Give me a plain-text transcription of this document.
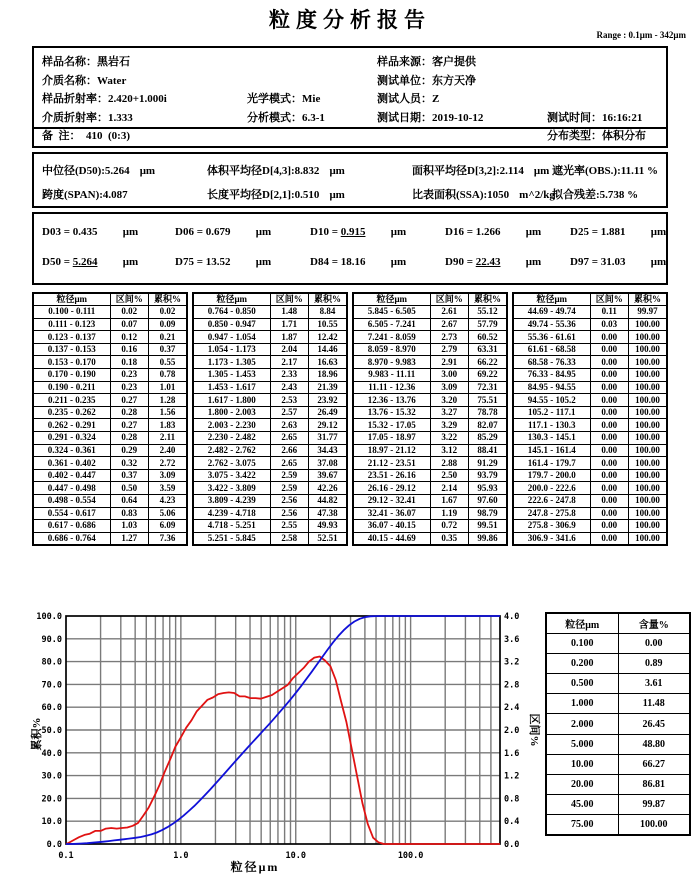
粒度分析报告
Range : 0.1μm - 342μm
样品名称：黑岩石
介质名称：Water
样品折射率：2.420+1.000i	光学模式：Mie
介质折射率：1.333	分析模式：6.3-1
备  注：  410  (0:3)
样品来源：客户提供
测试单位：东方天净
测试人员：Z
测试日期：2019-10-12	测试时间：16:16:21
分布类型：体积分布
中位径(D50):5.264 μm	体积平均径D[4,3]:8.832 μm	面积平均径D[3,2]:2.114 μm 遮光率(OBS.):11.11 %
跨度(SPAN):4.087	长度平均径D[2,1]:0.510 μm	比表面积(SSA):1050 m^2/kg
拟合残差:5.738 %
D03 = 0.435 μm	D06 = 0.679 μm	D10 = 0.915 μm	D16 = 1.266 μm	D25 = 1.881 μm
D50 = 5.264 μm	D75 = 13.52 μm	D84 = 18.16 μm	D90 = 22.43 μm	D97 = 31.03 μm
粒径μm	区间%	累积%
0.100 - 0.111	0.02	0.02
0.111 - 0.123	0.07	0.09
0.123 - 0.137	0.12	0.21
0.137 - 0.153	0.16	0.37
0.153 - 0.170	0.18	0.55
0.170 - 0.190	0.23	0.78
0.190 - 0.211	0.23	1.01
0.211 - 0.235	0.27	1.28
0.235 - 0.262	0.28	1.56
0.262 - 0.291	0.27	1.83
0.291 - 0.324	0.28	2.11
0.324 - 0.361	0.29	2.40
0.361 - 0.402	0.32	2.72
0.402 - 0.447	0.37	3.09
0.447 - 0.498	0.50	3.59
0.498 - 0.554	0.64	4.23
0.554 - 0.617	0.83	5.06
0.617 - 0.686	1.03	6.09
0.686 - 0.764	1.27	7.36
粒径μm	区间%	累积%
0.764 - 0.850	1.48	8.84
0.850 - 0.947	1.71	10.55
0.947 - 1.054	1.87	12.42
1.054 - 1.173	2.04	14.46
1.173 - 1.305	2.17	16.63
1.305 - 1.453	2.33	18.96
1.453 - 1.617	2.43	21.39
1.617 - 1.800	2.53	23.92
1.800 - 2.003	2.57	26.49
2.003 - 2.230	2.63	29.12
2.230 - 2.482	2.65	31.77
2.482 - 2.762	2.66	34.43
2.762 - 3.075	2.65	37.08
3.075 - 3.422	2.59	39.67
3.422 - 3.809	2.59	42.26
3.809 - 4.239	2.56	44.82
4.239 - 4.718	2.56	47.38
4.718 - 5.251	2.55	49.93
5.251 - 5.845	2.58	52.51
粒径μm	区间%	累积%
5.845 - 6.505	2.61	55.12
6.505 - 7.241	2.67	57.79
7.241 - 8.059	2.73	60.52
8.059 - 8.970	2.79	63.31
8.970 - 9.983	2.91	66.22
9.983 - 11.11	3.00	69.22
11.11 - 12.36	3.09	72.31
12.36 - 13.76	3.20	75.51
13.76 - 15.32	3.27	78.78
15.32 - 17.05	3.29	82.07
17.05 - 18.97	3.22	85.29
18.97 - 21.12	3.12	88.41
21.12 - 23.51	2.88	91.29
23.51 - 26.16	2.50	93.79
26.16 - 29.12	2.14	95.93
29.12 - 32.41	1.67	97.60
32.41 - 36.07	1.19	98.79
36.07 - 40.15	0.72	99.51
40.15 - 44.69	0.35	99.86
粒径μm	区间%	累积%
44.69 - 49.74	0.11	99.97
49.74 - 55.36	0.03	100.00
55.36 - 61.61	0.00	100.00
61.61 - 68.58	0.00	100.00
68.58 - 76.33	0.00	100.00
76.33 - 84.95	0.00	100.00
84.95 - 94.55	0.00	100.00
94.55 - 105.2	0.00	100.00
105.2 - 117.1	0.00	100.00
117.1 - 130.3	0.00	100.00
130.3 - 145.1	0.00	100.00
145.1 - 161.4	0.00	100.00
161.4 - 179.7	0.00	100.00
179.7 - 200.0	0.00	100.00
200.0 - 222.6	0.00	100.00
222.6 - 247.8	0.00	100.00
247.8 - 275.8	0.00	100.00
275.8 - 306.9	0.00	100.00
306.9 - 341.6	0.00	100.00
0.0	0.0
10.0	0.4
20.0	0.8
30.0	1.2
40.0	1.6
50.0	2.0
60.0	2.4
70.0	2.8
80.0	3.2
90.0	3.6
100.0	4.0
0.1	1.0	10.0	100.0
累积%	区间%
粒径μm
粒径μm	含量%
0.100	0.00
0.200	0.89
0.500	3.61
1.000	11.48
2.000	26.45
5.000	48.80
10.00	66.27
20.00	86.81
45.00	99.87
75.00	100.00
